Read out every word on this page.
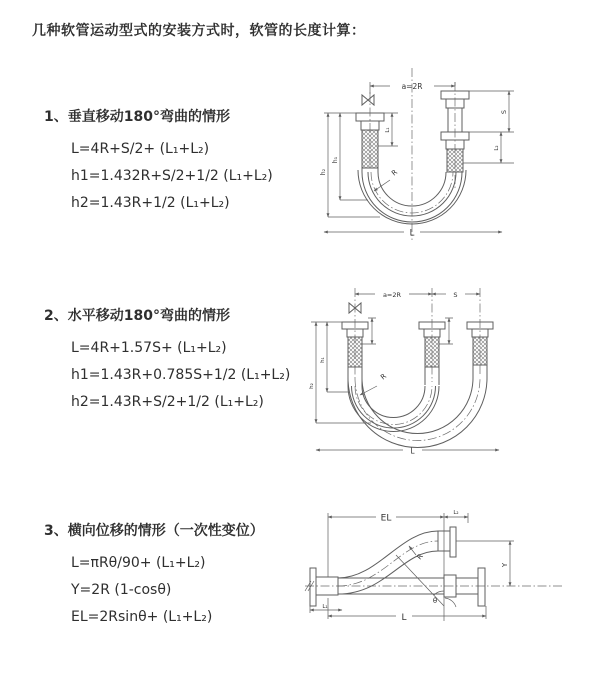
几种软管运动型式的安装方式时，软管的长度计算：
1、垂直移动180°弯曲的情形
L=4R+S/2+ (L₁+L₂)
h1=1.432R+S/2+1/2 (L₁+L₂)
h2=1.43R+1/2 (L₁+L₂)
2、水平移动180°弯曲的情形
L=4R+1.57S+ (L₁+L₂)
h1=1.43R+0.785S+1/2 (L₁+L₂)
h2=1.43R+S/2+1/2 (L₁+L₂)
3、横向位移的情形（一次性变位）
L=πRθ/90+ (L₁+L₂)
Y=2R (1-cosθ)
EL=2Rsinθ+ (L₁+L₂)
a=2R
h₁
h₂
L₁
R
S
L₂
L
a=2R	S
h₁
h₂
R
L
θ
EL
L₂
Y
R
L₁
L
